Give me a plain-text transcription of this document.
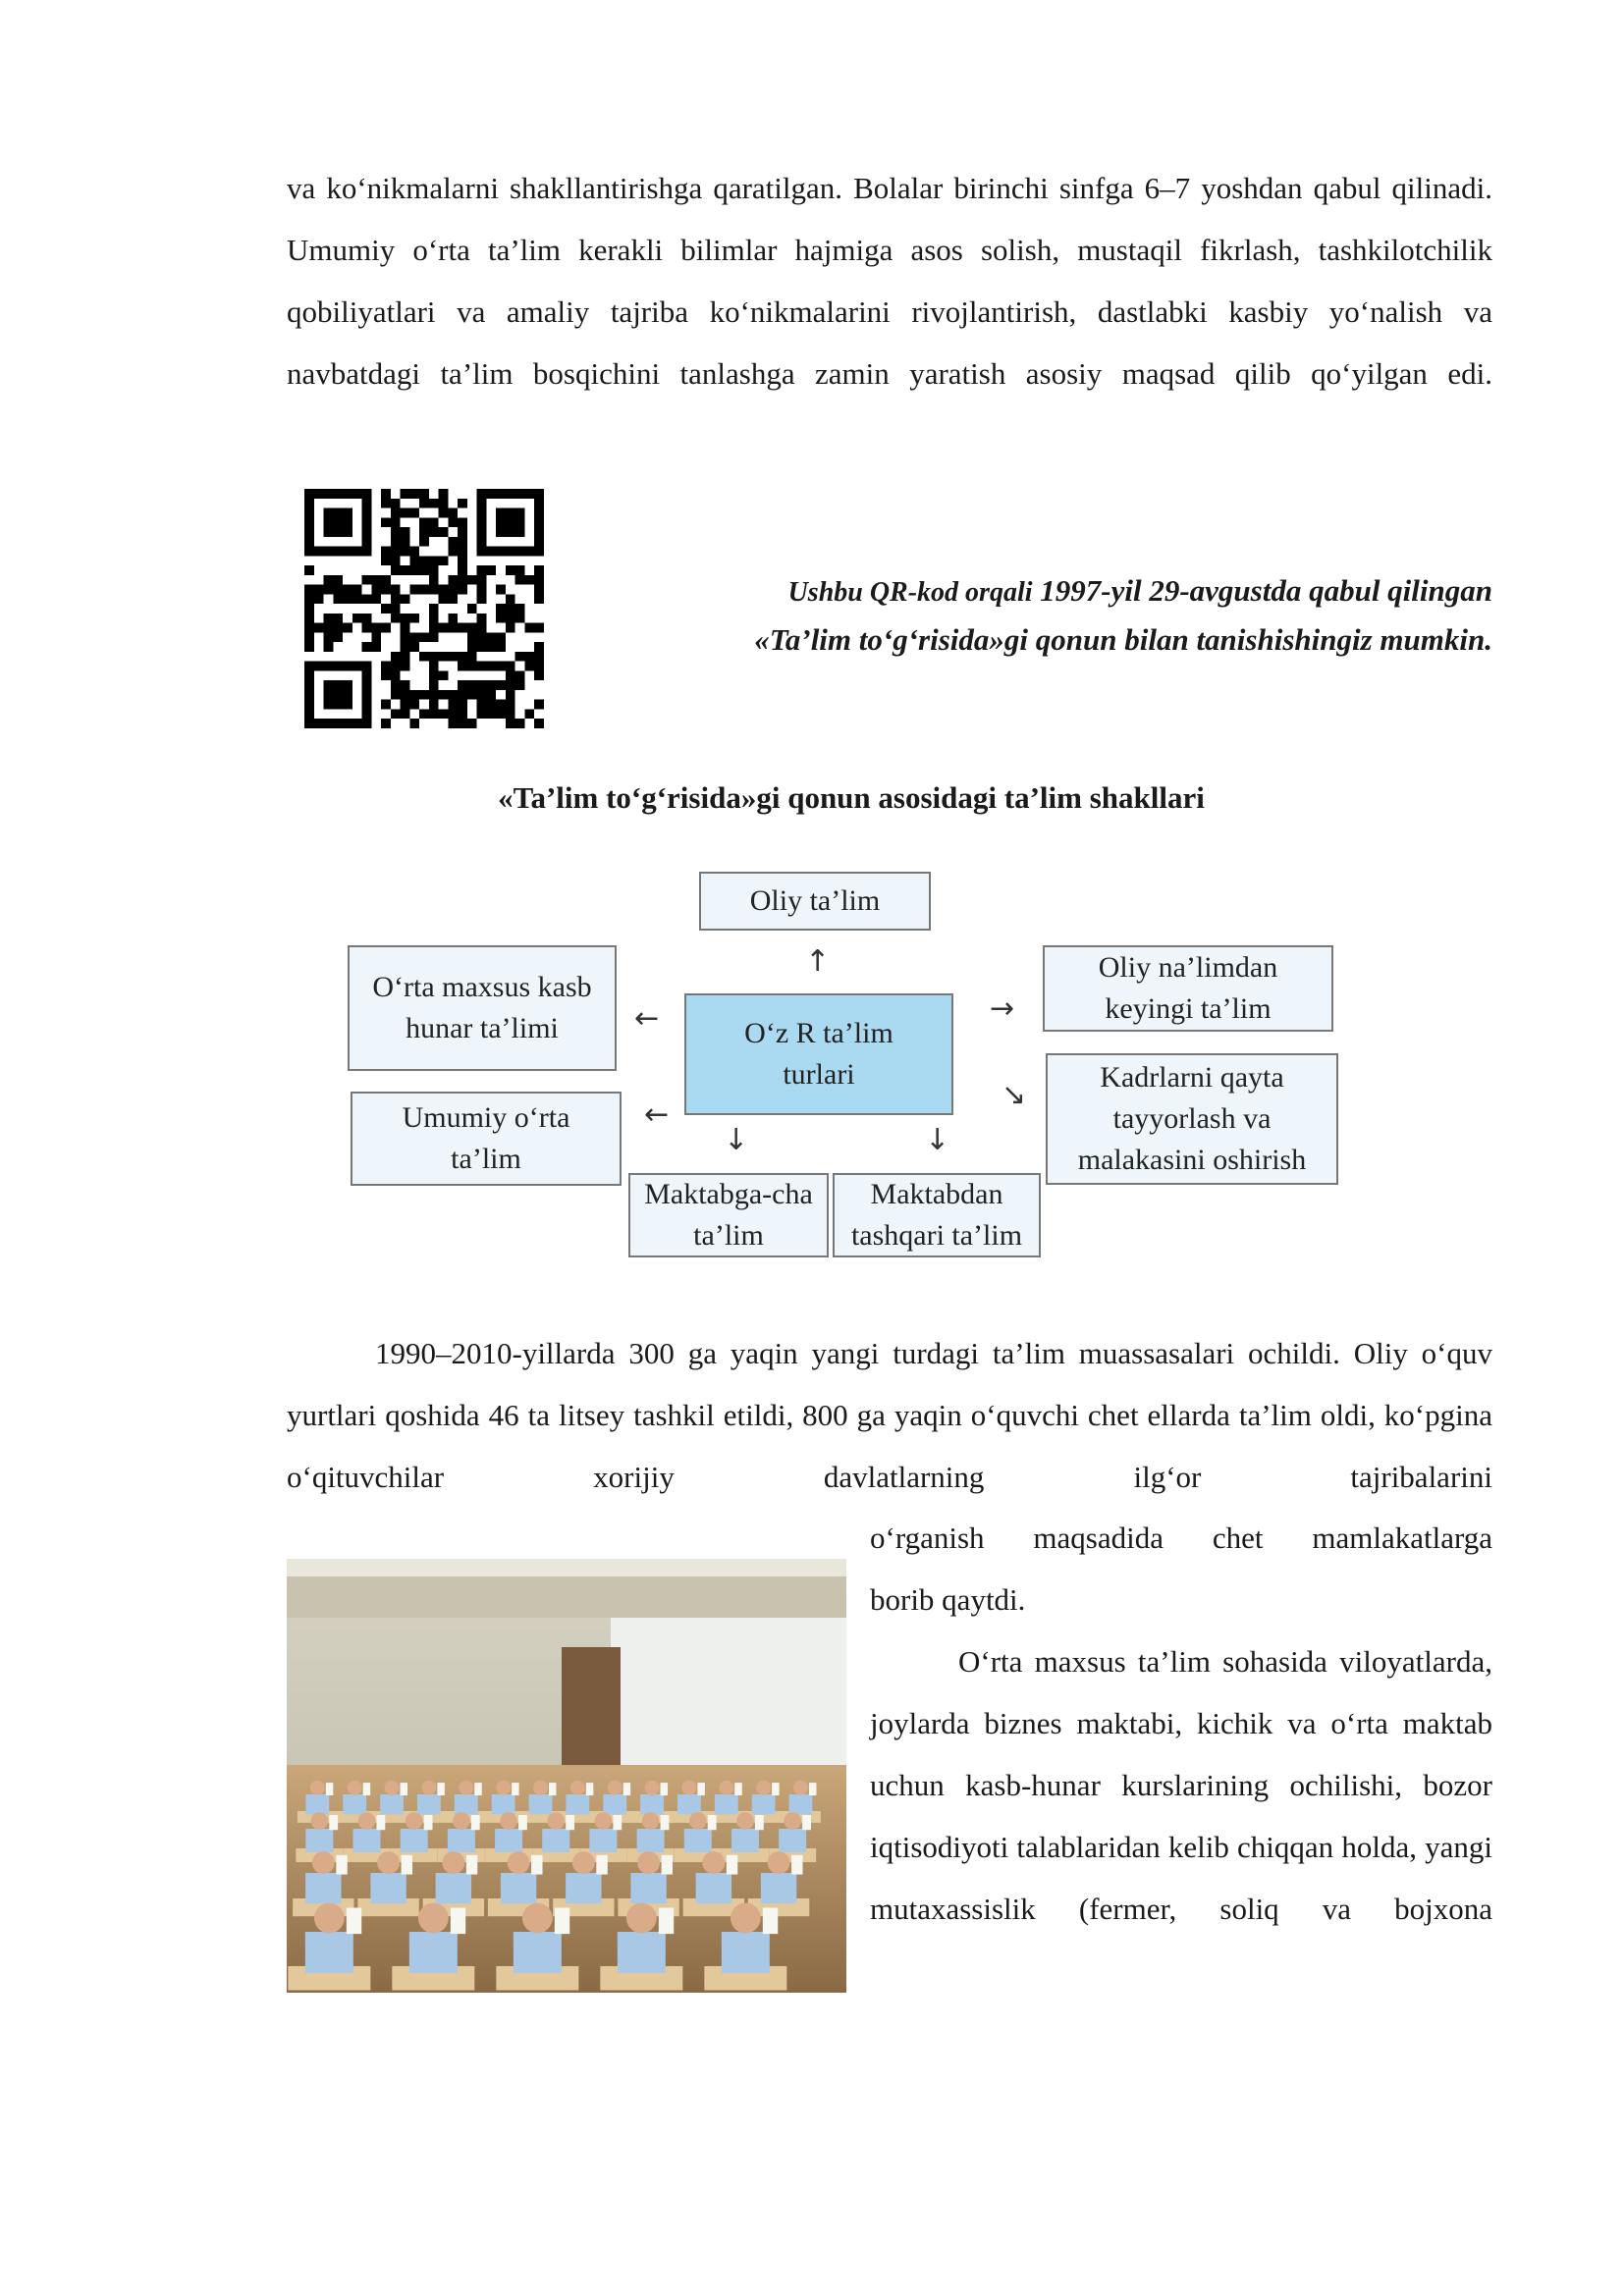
va ko‘nikmalarni shakllantirishga qaratilgan. Bolalar birinchi sinfga 6–7 yoshdan qabul qilinadi. Umumiy o‘rta ta’lim kerakli bilimlar hajmiga asos solish, mustaqil fikrlash, tashkilotchilik qobiliyatlari va amaliy tajriba ko‘nikmalarini rivojlantirish, dastlabki kasbiy yo‘nalish va navbatdagi ta’lim bosqichini tanlashga zamin yaratish asosiy maqsad qilib qo‘yilgan edi.
Ushbu QR-kod orqali 1997-yil 29-avgustda qabul qilingan
«Ta’lim to‘g‘risida»gi qonun bilan tanishishingiz mumkin.
«Ta’lim to‘g‘risida»gi qonun asosidagi ta’lim shakllari
Oliy ta’lim
O‘z R ta’lim turlari
O‘rta maxsus kasb hunar ta’limi
Umumiy o‘rta ta’lim
Maktabga-cha ta’lim
Maktabdan tashqari ta’lim
Oliy na’limdan keyingi ta’lim
Kadrlarni qayta tayyorlash va malakasini oshirish
↑
←
←
↓	↓
→
↘
1990–2010-yillarda 300 ga yaqin yangi turdagi ta’lim muassasalari ochildi. Oliy o‘quv yurtlari qoshida 46 ta litsey tashkil etildi, 800 ga yaqin o‘quvchi chet ellarda ta’lim oldi, ko‘pgina o‘qituvchilar xorijiy davlatlarning ilg‘or tajribalarini
o‘rganish maqsadida chet mamlakatlarga
borib qaytdi.
O‘rta maxsus ta’lim sohasida viloyatlarda, joylarda biznes maktabi, kichik va o‘rta maktab uchun kasb-hunar kurslarining ochilishi, bozor iqtisodiyoti talablaridan kelib chiqqan holda, yangi mutaxassislik (fermer, soliq va bojxona
